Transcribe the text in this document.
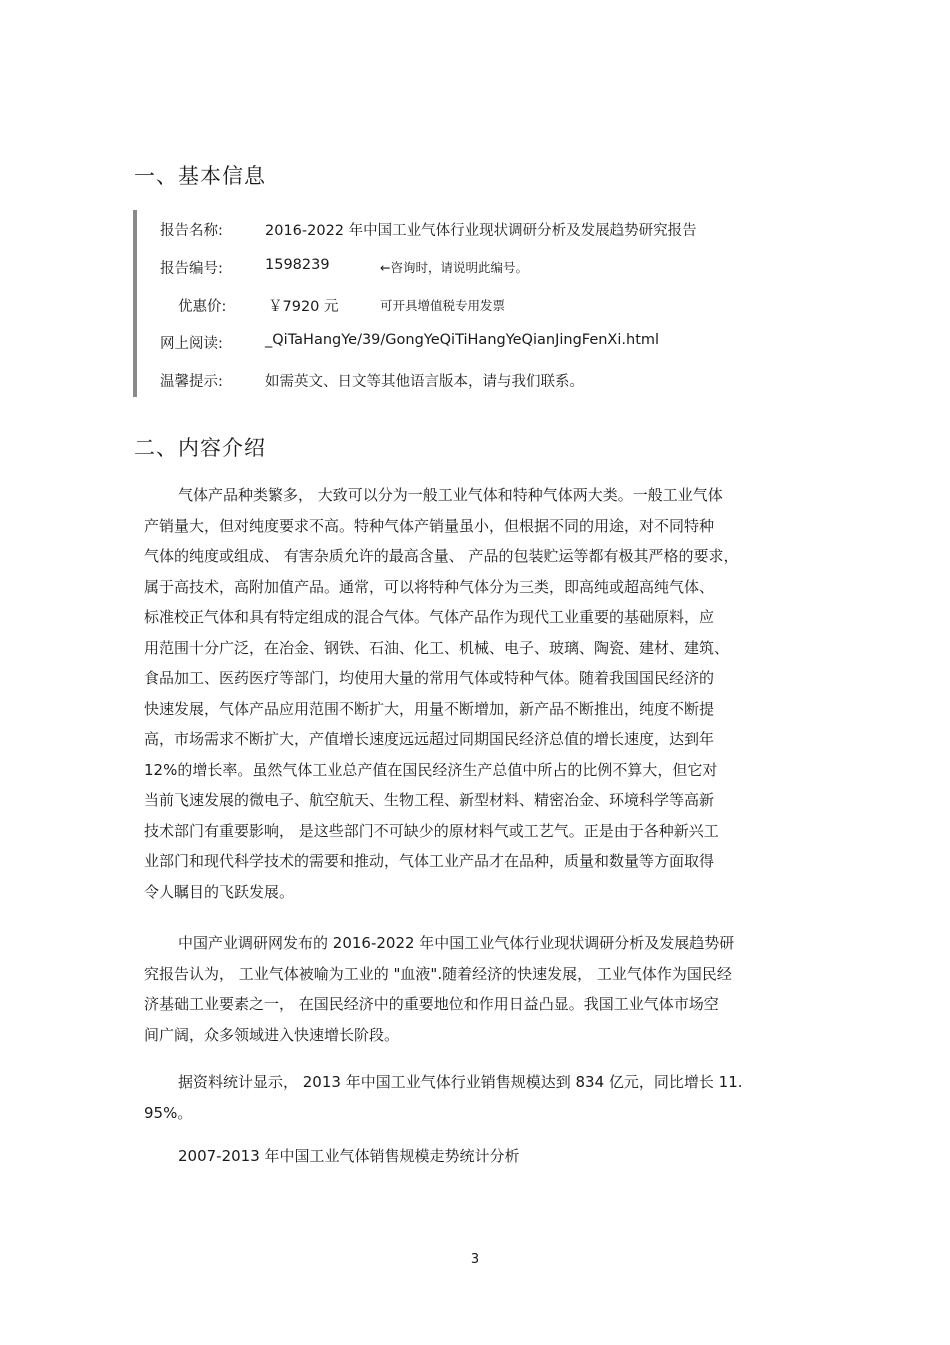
一、基本信息
报告名称:	2016-2022 年中国工业气体行业现状调研分析及发展趋势研究报告
报告编号:	1598239	←咨询时，请说明此编号。
优惠价:	￥7920 元	可开具增值税专用发票
网上阅读:	_QiTaHangYe/39/GongYeQiTiHangYeQianJingFenXi.html
温馨提示:	如需英文、日文等其他语言版本，请与我们联系。
二、内容介绍
气体产品种类繁多， 大致可以分为一般工业气体和特种气体两大类。一般工业气体
产销量大，但对纯度要求不高。特种气体产销量虽小，但根据不同的用途，对不同特种
气体的纯度或组成、 有害杂质允许的最高含量、 产品的包装贮运等都有极其严格的要求，
属于高技术，高附加值产品。通常，可以将特种气体分为三类，即高纯或超高纯气体、
标准校正气体和具有特定组成的混合气体。气体产品作为现代工业重要的基础原料，应
用范围十分广泛，在冶金、钢铁、石油、化工、机械、电子、玻璃、陶瓷、建材、建筑、
食品加工、医药医疗等部门，均使用大量的常用气体或特种气体。随着我国国民经济的
快速发展，气体产品应用范围不断扩大，用量不断增加，新产品不断推出，纯度不断提
高，市场需求不断扩大，产值增长速度远远超过同期国民经济总值的增长速度，达到年
12%的增长率。虽然气体工业总产值在国民经济生产总值中所占的比例不算大，但它对
当前飞速发展的微电子、航空航天、生物工程、新型材料、精密冶金、环境科学等高新
技术部门有重要影响， 是这些部门不可缺少的原材料气或工艺气。正是由于各种新兴工
业部门和现代科学技术的需要和推动，气体工业产品才在品种，质量和数量等方面取得
令人瞩目的飞跃发展。
中国产业调研网发布的 2016-2022 年中国工业气体行业现状调研分析及发展趋势研
究报告认为， 工业气体被喻为工业的 "血液".随着经济的快速发展， 工业气体作为国民经
济基础工业要素之一， 在国民经济中的重要地位和作用日益凸显。我国工业气体市场空
间广阔，众多领域进入快速增长阶段。
据资料统计显示， 2013 年中国工业气体行业销售规模达到 834 亿元，同比增长 11.
95%。
2007-2013 年中国工业气体销售规模走势统计分析
3
